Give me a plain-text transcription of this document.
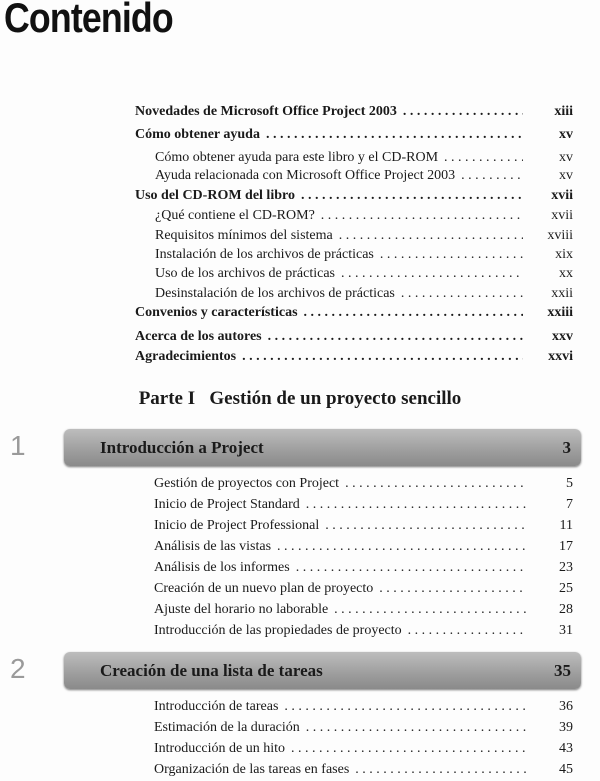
Contenido
Novedades de Microsoft Office Project 2003 . . .	xiii
Cómo obtener ayuda . . .	xv
Cómo obtener ayuda para este libro y el CD-ROM . . .	xv
Ayuda relacionada con Microsoft Office Project 2003 . . .	xv
Uso del CD-ROM del libro . . .	xvii
¿Qué contiene el CD-ROM? . . .	xvii
Requisitos mínimos del sistema . . .	xviii
Instalación de los archivos de prácticas . . .	xix
Uso de los archivos de prácticas . . .	xx
Desinstalación de los archivos de prácticas . . .	xxii
Convenios y características . . .	xxiii
Acerca de los autores . . .	xxv
Agradecimientos . . .	xxvi
Parte I   Gestión de un proyecto sencillo
1	Introducción a Project	3
Gestión de proyectos con Project . . .	5
Inicio de Project Standard . . .	7
Inicio de Project Professional . . .	11
Análisis de las vistas . . .	17
Análisis de los informes . . .	23
Creación de un nuevo plan de proyecto . . .	25
Ajuste del horario no laborable . . .	28
Introducción de las propiedades de proyecto . . .	31
2	Creación de una lista de tareas	35
Introducción de tareas . . .	36
Estimación de la duración . . .	39
Introducción de un hito . . .	43
Organización de las tareas en fases . . .	45
